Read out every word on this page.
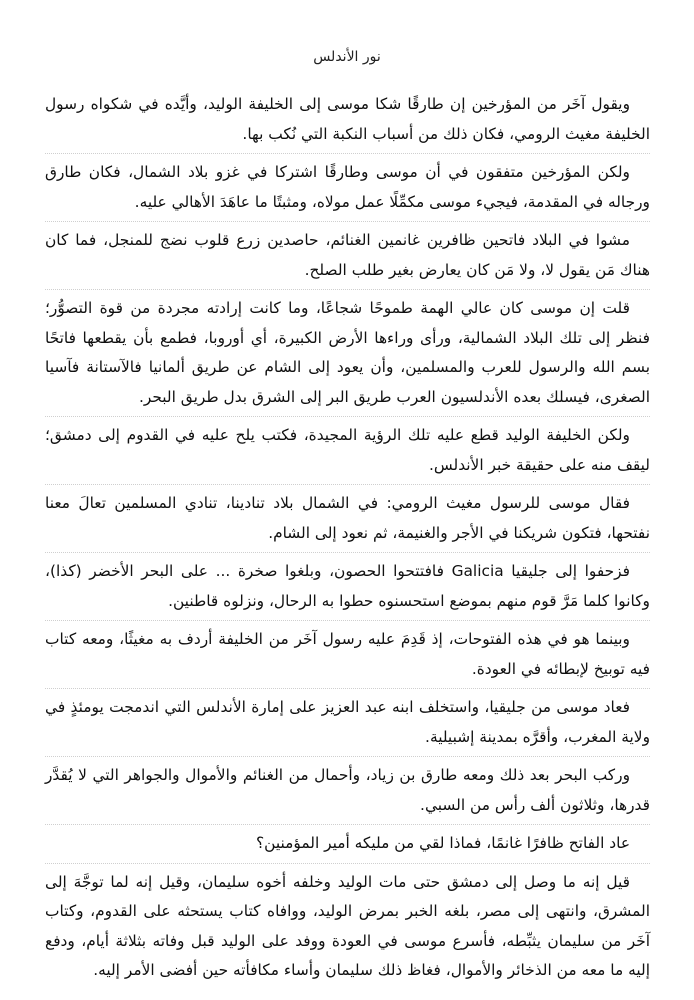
نور الأندلس

ويقول آخَر من المؤرخين إن طارقًا شكا موسى إلى الخليفة الوليد، وأيَّده في شكواه رسول الخليفة مغيث الرومي، فكان ذلك من أسباب النكبة التي نُكب بها.

ولكن المؤرخين متفقون في أن موسى وطارقًا اشتركا في غزو بلاد الشمال، فكان طارق ورجاله في المقدمة، فيجيء موسى مكمِّلًا عمل مولاه، ومثبتًا ما عاهَدَ الأهالي عليه.

مشوا في البلاد فاتحين ظافرين غانمين الغنائم، حاصدين زرع قلوب نضج للمنجل، فما كان هناك مَن يقول لا، ولا مَن كان يعارض بغير طلب الصلح.

قلت إن موسى كان عالي الهمة طموحًا شجاعًا، وما كانت إرادته مجردة من قوة التصوُّر؛ فنظر إلى تلك البلاد الشمالية، ورأى وراءها الأرض الكبيرة، أي أوروبا، فطمع بأن يقطعها فاتحًا بسم الله والرسول للعرب والمسلمين، وأن يعود إلى الشام عن طريق ألمانيا فالآستانة فآسيا الصغرى، فيسلك بعده الأندلسيون العرب طريق البر إلى الشرق بدل طريق البحر.

ولكن الخليفة الوليد قطع عليه تلك الرؤية المجيدة، فكتب يلح عليه في القدوم إلى دمشق؛ ليقف منه على حقيقة خبر الأندلس.

فقال موسى للرسول مغيث الرومي: في الشمال بلاد تنادينا، تنادي المسلمين تعالَ معنا نفتحها، فتكون شريكنا في الأجر والغنيمة، ثم نعود إلى الشام.

فزحفوا إلى جليقيا Galicia فافتتحوا الحصون، وبلغوا صخرة ... على البحر الأخضر (كذا)، وكانوا كلما مَرَّ قوم منهم بموضع استحسنوه حطوا به الرحال، ونزلوه قاطنين.

وبينما هو في هذه الفتوحات، إذ قَدِمَ عليه رسول آخَر من الخليفة أردف به مغيثًا، ومعه كتاب فيه توبيخ لإبطائه في العودة.

فعاد موسى من جليقيا، واستخلف ابنه عبد العزيز على إمارة الأندلس التي اندمجت يومئذٍ في ولاية المغرب، وأقرَّه بمدينة إشبيلية.

وركب البحر بعد ذلك ومعه طارق بن زياد، وأحمال من الغنائم والأموال والجواهر التي لا يُقدَّر قدرها، وثلاثون ألف رأس من السبي.

عاد الفاتح ظافرًا غانمًا، فماذا لقي من مليكه أمير المؤمنين؟

قيل إنه ما وصل إلى دمشق حتى مات الوليد وخلفه أخوه سليمان، وقيل إنه لما توجَّهَ إلى المشرق، وانتهى إلى مصر، بلغه الخبر بمرض الوليد، ووافاه كتاب يستحثه على القدوم، وكتاب آخَر من سليمان يثبِّطه، فأسرع موسى في العودة ووفد على الوليد قبل وفاته بثلاثة أيام، ودفع إليه ما معه من الذخائر والأموال، فغاظ ذلك سليمان وأساء مكافأته حين أفضى الأمر إليه.
